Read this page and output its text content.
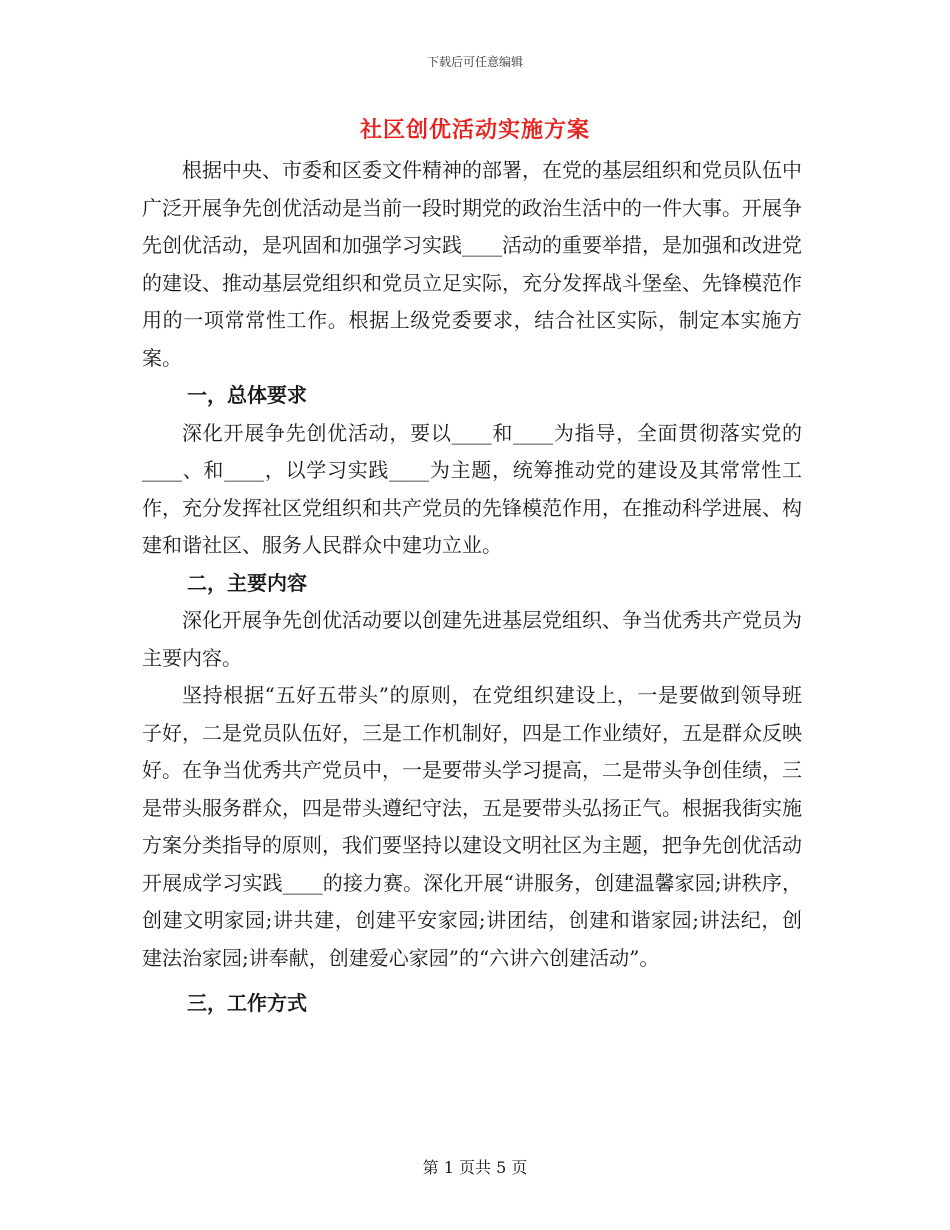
下载后可任意编辑
社区创优活动实施方案

根据中央、市委和区委文件精神的部署，在党的基层组织和党员队伍中广泛开展争先创优活动是当前一段时期党的政治生活中的一件大事。开展争先创优活动，是巩固和加强学习实践____活动的重要举措，是加强和改进党的建设、推动基层党组织和党员立足实际，充分发挥战斗堡垒、先锋模范作用的一项常常性工作。根据上级党委要求，结合社区实际，制定本实施方案。

一，总体要求

深化开展争先创优活动，要以____和____为指导，全面贯彻落实党的____、和____，以学习实践____为主题，统筹推动党的建设及其常常性工作，充分发挥社区党组织和共产党员的先锋模范作用，在推动科学进展、构建和谐社区、服务人民群众中建功立业。

二，主要内容

深化开展争先创优活动要以创建先进基层党组织、争当优秀共产党员为主要内容。

坚持根据“五好五带头”的原则，在党组织建设上，一是要做到领导班子好，二是党员队伍好，三是工作机制好，四是工作业绩好，五是群众反映好。在争当优秀共产党员中，一是要带头学习提高，二是带头争创佳绩，三是带头服务群众，四是带头遵纪守法，五是要带头弘扬正气。根据我街实施方案分类指导的原则，我们要坚持以建设文明社区为主题，把争先创优活动开展成学习实践____的接力赛。深化开展“讲服务，创建温馨家园;讲秩序，创建文明家园;讲共建，创建平安家园;讲团结，创建和谐家园;讲法纪，创建法治家园;讲奉献，创建爱心家园”的“六讲六创建活动”。

三，工作方式

第 1 页共 5 页
